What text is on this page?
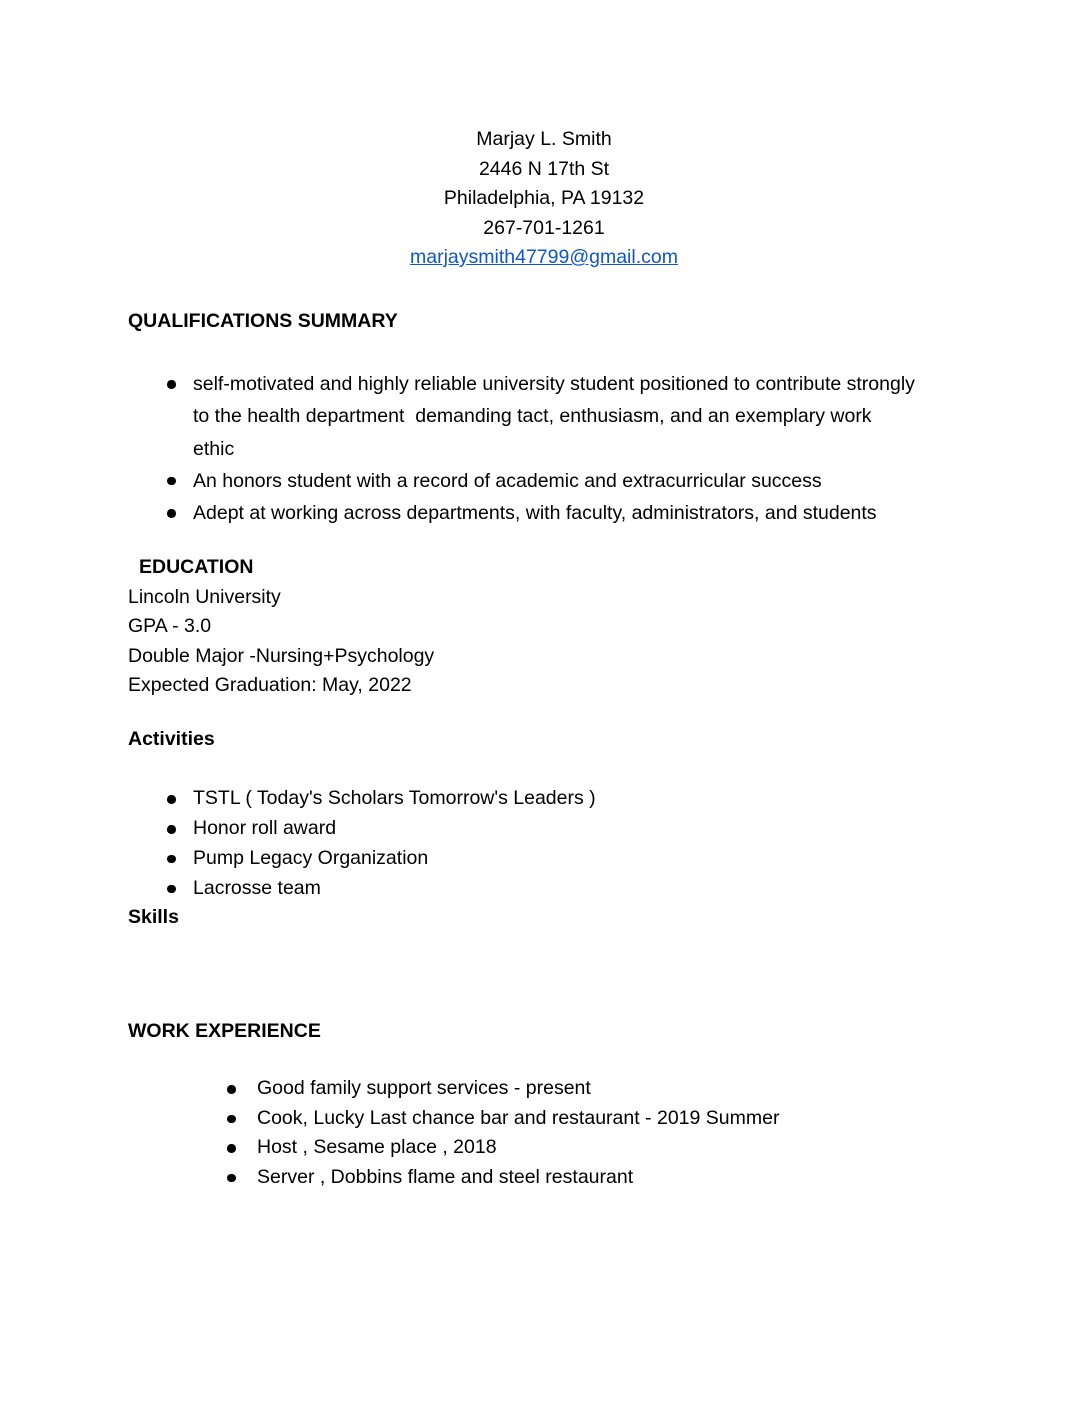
Marjay L. Smith
2446 N 17th St
Philadelphia, PA 19132
267-701-1261
marjaysmith47799@gmail.com
QUALIFICATIONS SUMMARY
self-motivated and highly reliable university student positioned to contribute strongly to the health department  demanding tact, enthusiasm, and an exemplary work ethic
An honors student with a record of academic and extracurricular success
Adept at working across departments, with faculty, administrators, and students
EDUCATION
Lincoln University
GPA - 3.0
Double Major -Nursing+Psychology
Expected Graduation: May, 2022
Activities
TSTL ( Today's Scholars Tomorrow's Leaders )
Honor roll award
Pump Legacy Organization
Lacrosse team
Skills
WORK EXPERIENCE
Good family support services - present
Cook, Lucky Last chance bar and restaurant - 2019 Summer
Host , Sesame place , 2018
Server , Dobbins flame and steel restaurant
